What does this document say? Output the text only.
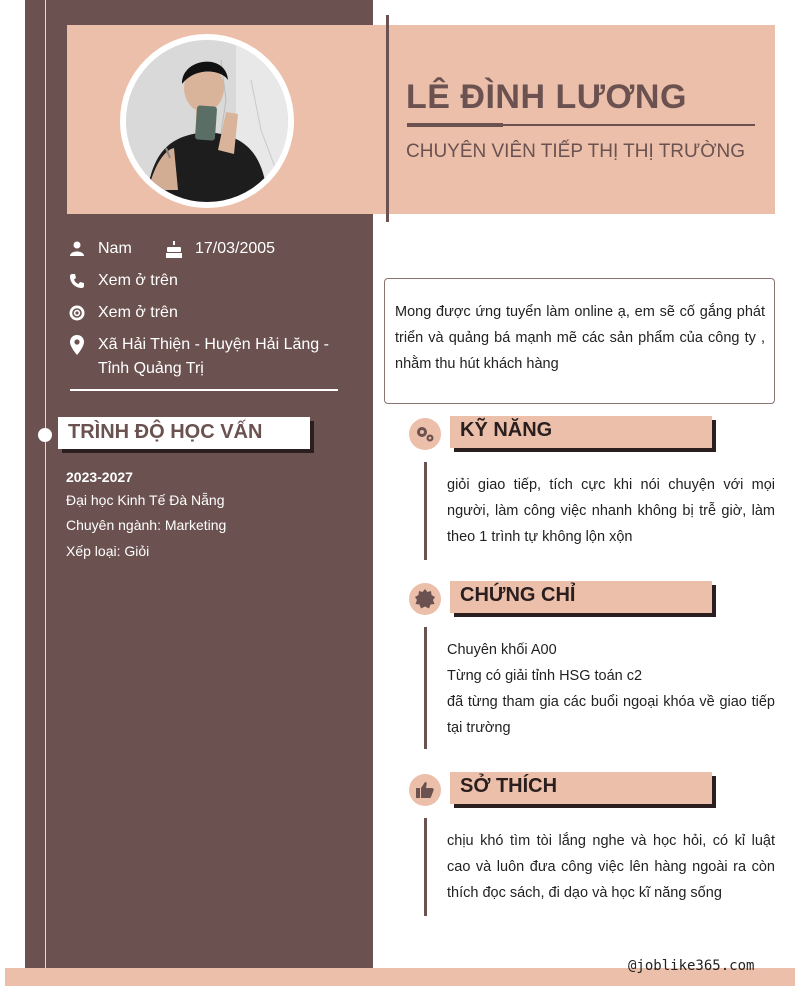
LÊ ĐÌNH LƯƠNG
CHUYÊN VIÊN TIẾP THỊ THỊ TRƯỜNG
Nam	17/03/2005
Xem ở trên
Xem ở trên
Xã Hải Thiện - Huyện Hải Lăng - Tỉnh Quảng Trị
TRÌNH ĐỘ HỌC VẤN
2023-2027
Đại học Kinh Tế Đà Nẵng
Chuyên ngành: Marketing
Xếp loại: Giỏi
Mong được ứng tuyển làm online ạ, em sẽ cố gắng phát triển và quảng bá mạnh mẽ các sản phẩm của công ty , nhằm thu hút khách hàng
KỸ NĂNG
giỏi giao tiếp, tích cực khi nói chuyện với mọi người, làm công việc nhanh không bị trễ giờ, làm theo 1 trình tự không lộn xộn
CHỨNG CHỈ
Chuyên khối A00
Từng có giải tỉnh HSG toán c2
đã từng tham gia các buổi ngoại khóa về giao tiếp tại trường
SỞ THÍCH
chịu khó tìm tòi lắng nghe và học hỏi, có kỉ luật cao và luôn đưa công việc lên hàng ngoài ra còn thích đọc sách, đi dạo và học kĩ năng sống
@joblike365.com
